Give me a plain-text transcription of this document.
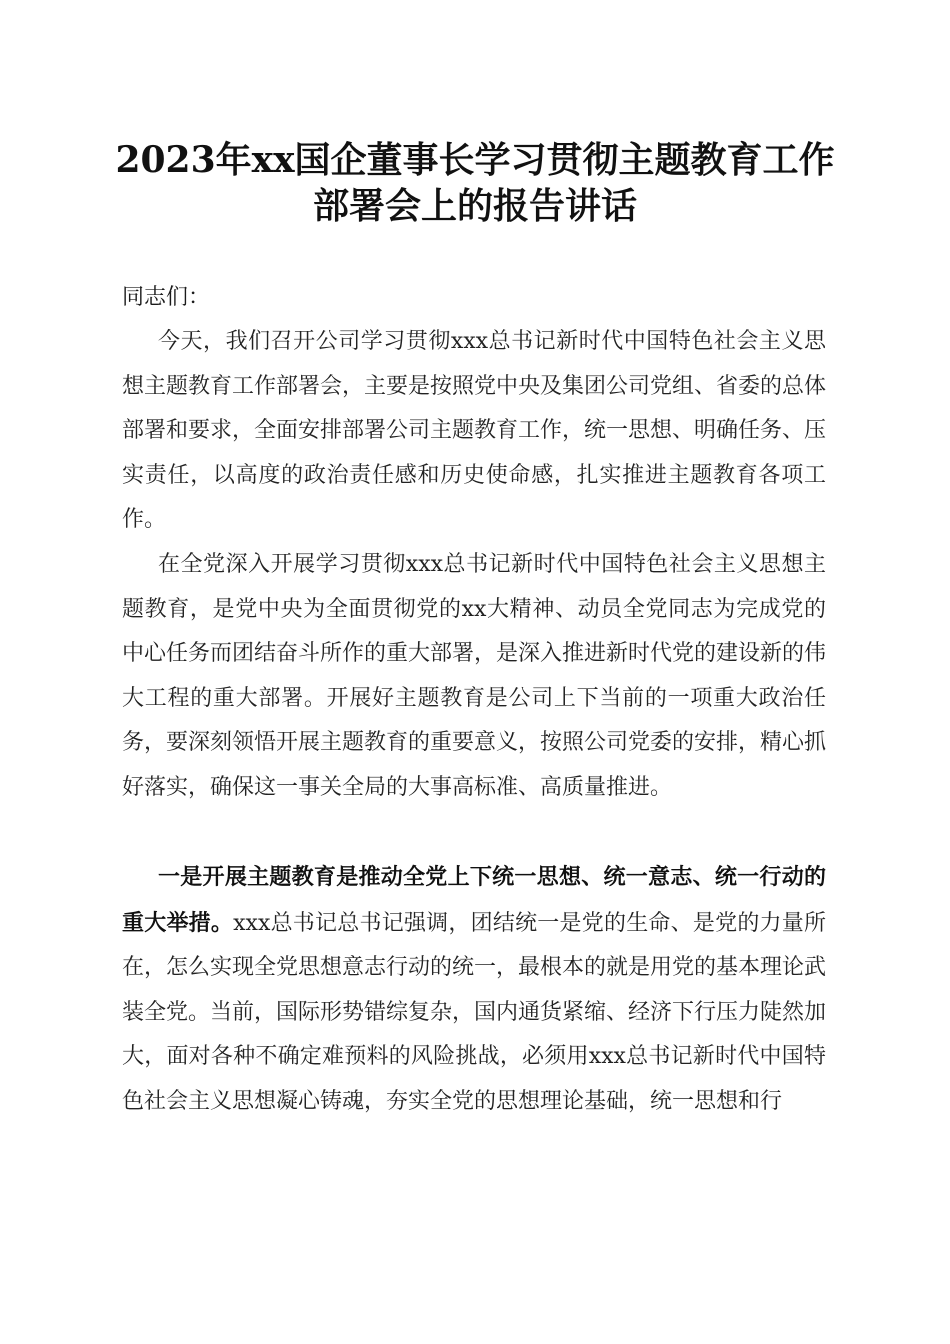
2023年xx国企董事长学习贯彻主题教育工作
部署会上的报告讲话
同志们：

今天，我们召开公司学习贯彻xxx总书记新时代中国特色社会主义思想主题教育工作部署会，主要是按照党中央及集团公司党组、省委的总体部署和要求，全面安排部署公司主题教育工作，统一思想、明确任务、压实责任，以高度的政治责任感和历史使命感，扎实推进主题教育各项工作。

在全党深入开展学习贯彻xxx总书记新时代中国特色社会主义思想主题教育，是党中央为全面贯彻党的xx大精神、动员全党同志为完成党的中心任务而团结奋斗所作的重大部署，是深入推进新时代党的建设新的伟大工程的重大部署。开展好主题教育是公司上下当前的一项重大政治任务，要深刻领悟开展主题教育的重要意义，按照公司党委的安排，精心抓好落实，确保这一事关全局的大事高标准、高质量推进。

一是开展主题教育是推动全党上下统一思想、统一意志、统一行动的重大举措。xxx总书记总书记强调，团结统一是党的生命、是党的力量所在，怎么实现全党思想意志行动的统一，最根本的就是用党的基本理论武装全党。当前，国际形势错综复杂，国内通货紧缩、经济下行压力陡然加大，面对各种不确定难预料的风险挑战，必须用xxx总书记新时代中国特色社会主义思想凝心铸魂，夯实全党的思想理论基础，统一思想和行
